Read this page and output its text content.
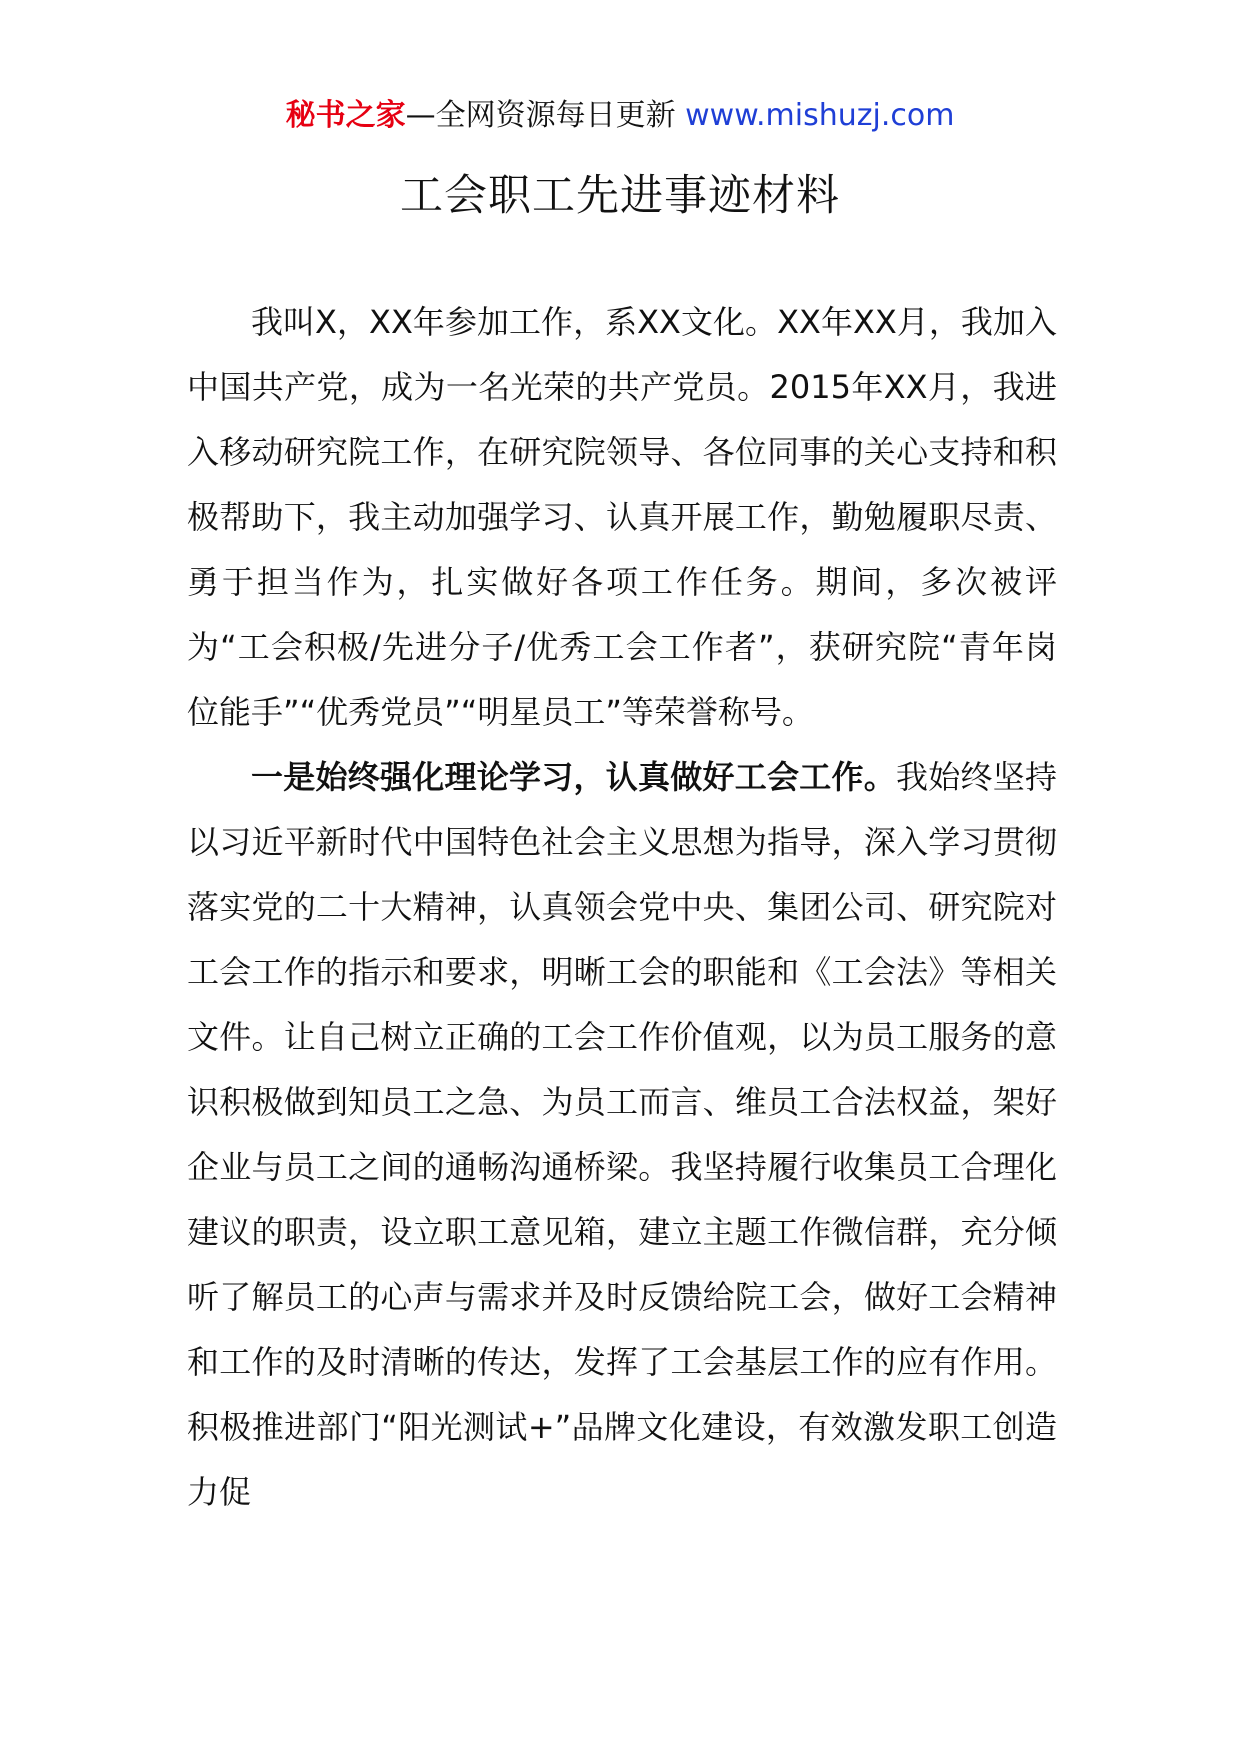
秘书之家—全网资源每日更新 www.mishuzj.com
工会职工先进事迹材料

我叫X，XX年参加工作，系XX文化。XX年XX月，我加入中国共产党，成为一名光荣的共产党员。2015年XX月，我进入移动研究院工作，在研究院领导、各位同事的关心支持和积极帮助下，我主动加强学习、认真开展工作，勤勉履职尽责、勇于担当作为，扎实做好各项工作任务。期间，多次被评为“工会积极/先进分子/优秀工会工作者”，获研究院“青年岗位能手”“优秀党员”“明星员工”等荣誉称号。

一是始终强化理论学习，认真做好工会工作。我始终坚持以习近平新时代中国特色社会主义思想为指导，深入学习贯彻落实党的二十大精神，认真领会党中央、集团公司、研究院对工会工作的指示和要求，明晰工会的职能和《工会法》等相关文件。让自己树立正确的工会工作价值观，以为员工服务的意识积极做到知员工之急、为员工而言、维员工合法权益，架好企业与员工之间的通畅沟通桥梁。我坚持履行收集员工合理化建议的职责，设立职工意见箱，建立主题工作微信群，充分倾听了解员工的心声与需求并及时反馈给院工会，做好工会精神和工作的及时清晰的传达，发挥了工会基层工作的应有作用。积极推进部门“阳光测试+”品牌文化建设，有效激发职工创造力促
